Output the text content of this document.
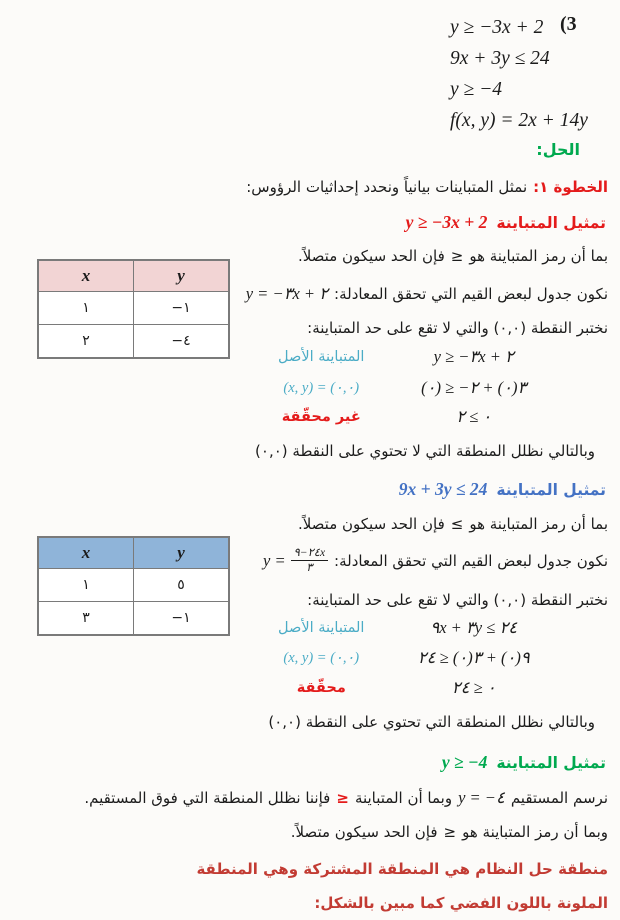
(3
y ≥ −3x + 2
9x + 3y ≤ 24
y ≥ −4
f(x, y) = 2x + 14y
الحل:
الخطوة ١:
نمثل المتباينات بيانياً ونحدد إحداثيات الرؤوس:
تمثيل المتباينة
y ≥ −3x + 2
بما أن رمز المتباينة هو
≥
فإن الحد سيكون متصلاً.
نكون جدول لبعض القيم التي تحقق المعادلة:
y = −٣x + ٢
x	y
١	−١
٢	−٤
نختبر النقطة (٠,٠) والتي لا تقع على حد المتباينة:
المتباينة الأصل	y ≥ −٣x + ٢
(x, y) = (٠,٠)	(٠) ≥ −٣(٠) + ٢
غير محقّقة	٠ ≥ ٢
وبالتالي نظلل المنطقة التي لا تحتوي على النقطة (٠,٠)
تمثيل المتباينة
9x + 3y ≤ 24
بما أن رمز المتباينة هو
≤
فإن الحد سيكون متصلاً.
نكون جدول لبعض القيم التي تحقق المعادلة:
$y = \frac{٢٤-٩x}{٣}$
x	y
١	٥
٣	−١
نختبر النقطة (٠,٠) والتي لا تقع على حد المتباينة:
المتباينة الأصل	٩x + ٣y ≤ ٢٤
(x, y) = (٠,٠)	٩(٠) + ٣(٠) ≤ ٢٤
محقّقة	٠ ≤ ٢٤
وبالتالي نظلل المنطقة التي تحتوي على النقطة (٠,٠)
تمثيل المتباينة
y ≥ −4
نرسم المستقيم
y = −٤
وبما أن المتباينة
≥
فإننا نظلل المنطقة التي فوق المستقيم.
وبما أن رمز المتباينة هو
≥
فإن الحد سيكون متصلاً.
منطقة حل النظام هي المنطقة المشتركة وهي المنطقة
الملونة باللون الفضي كما مبين بالشكل:
